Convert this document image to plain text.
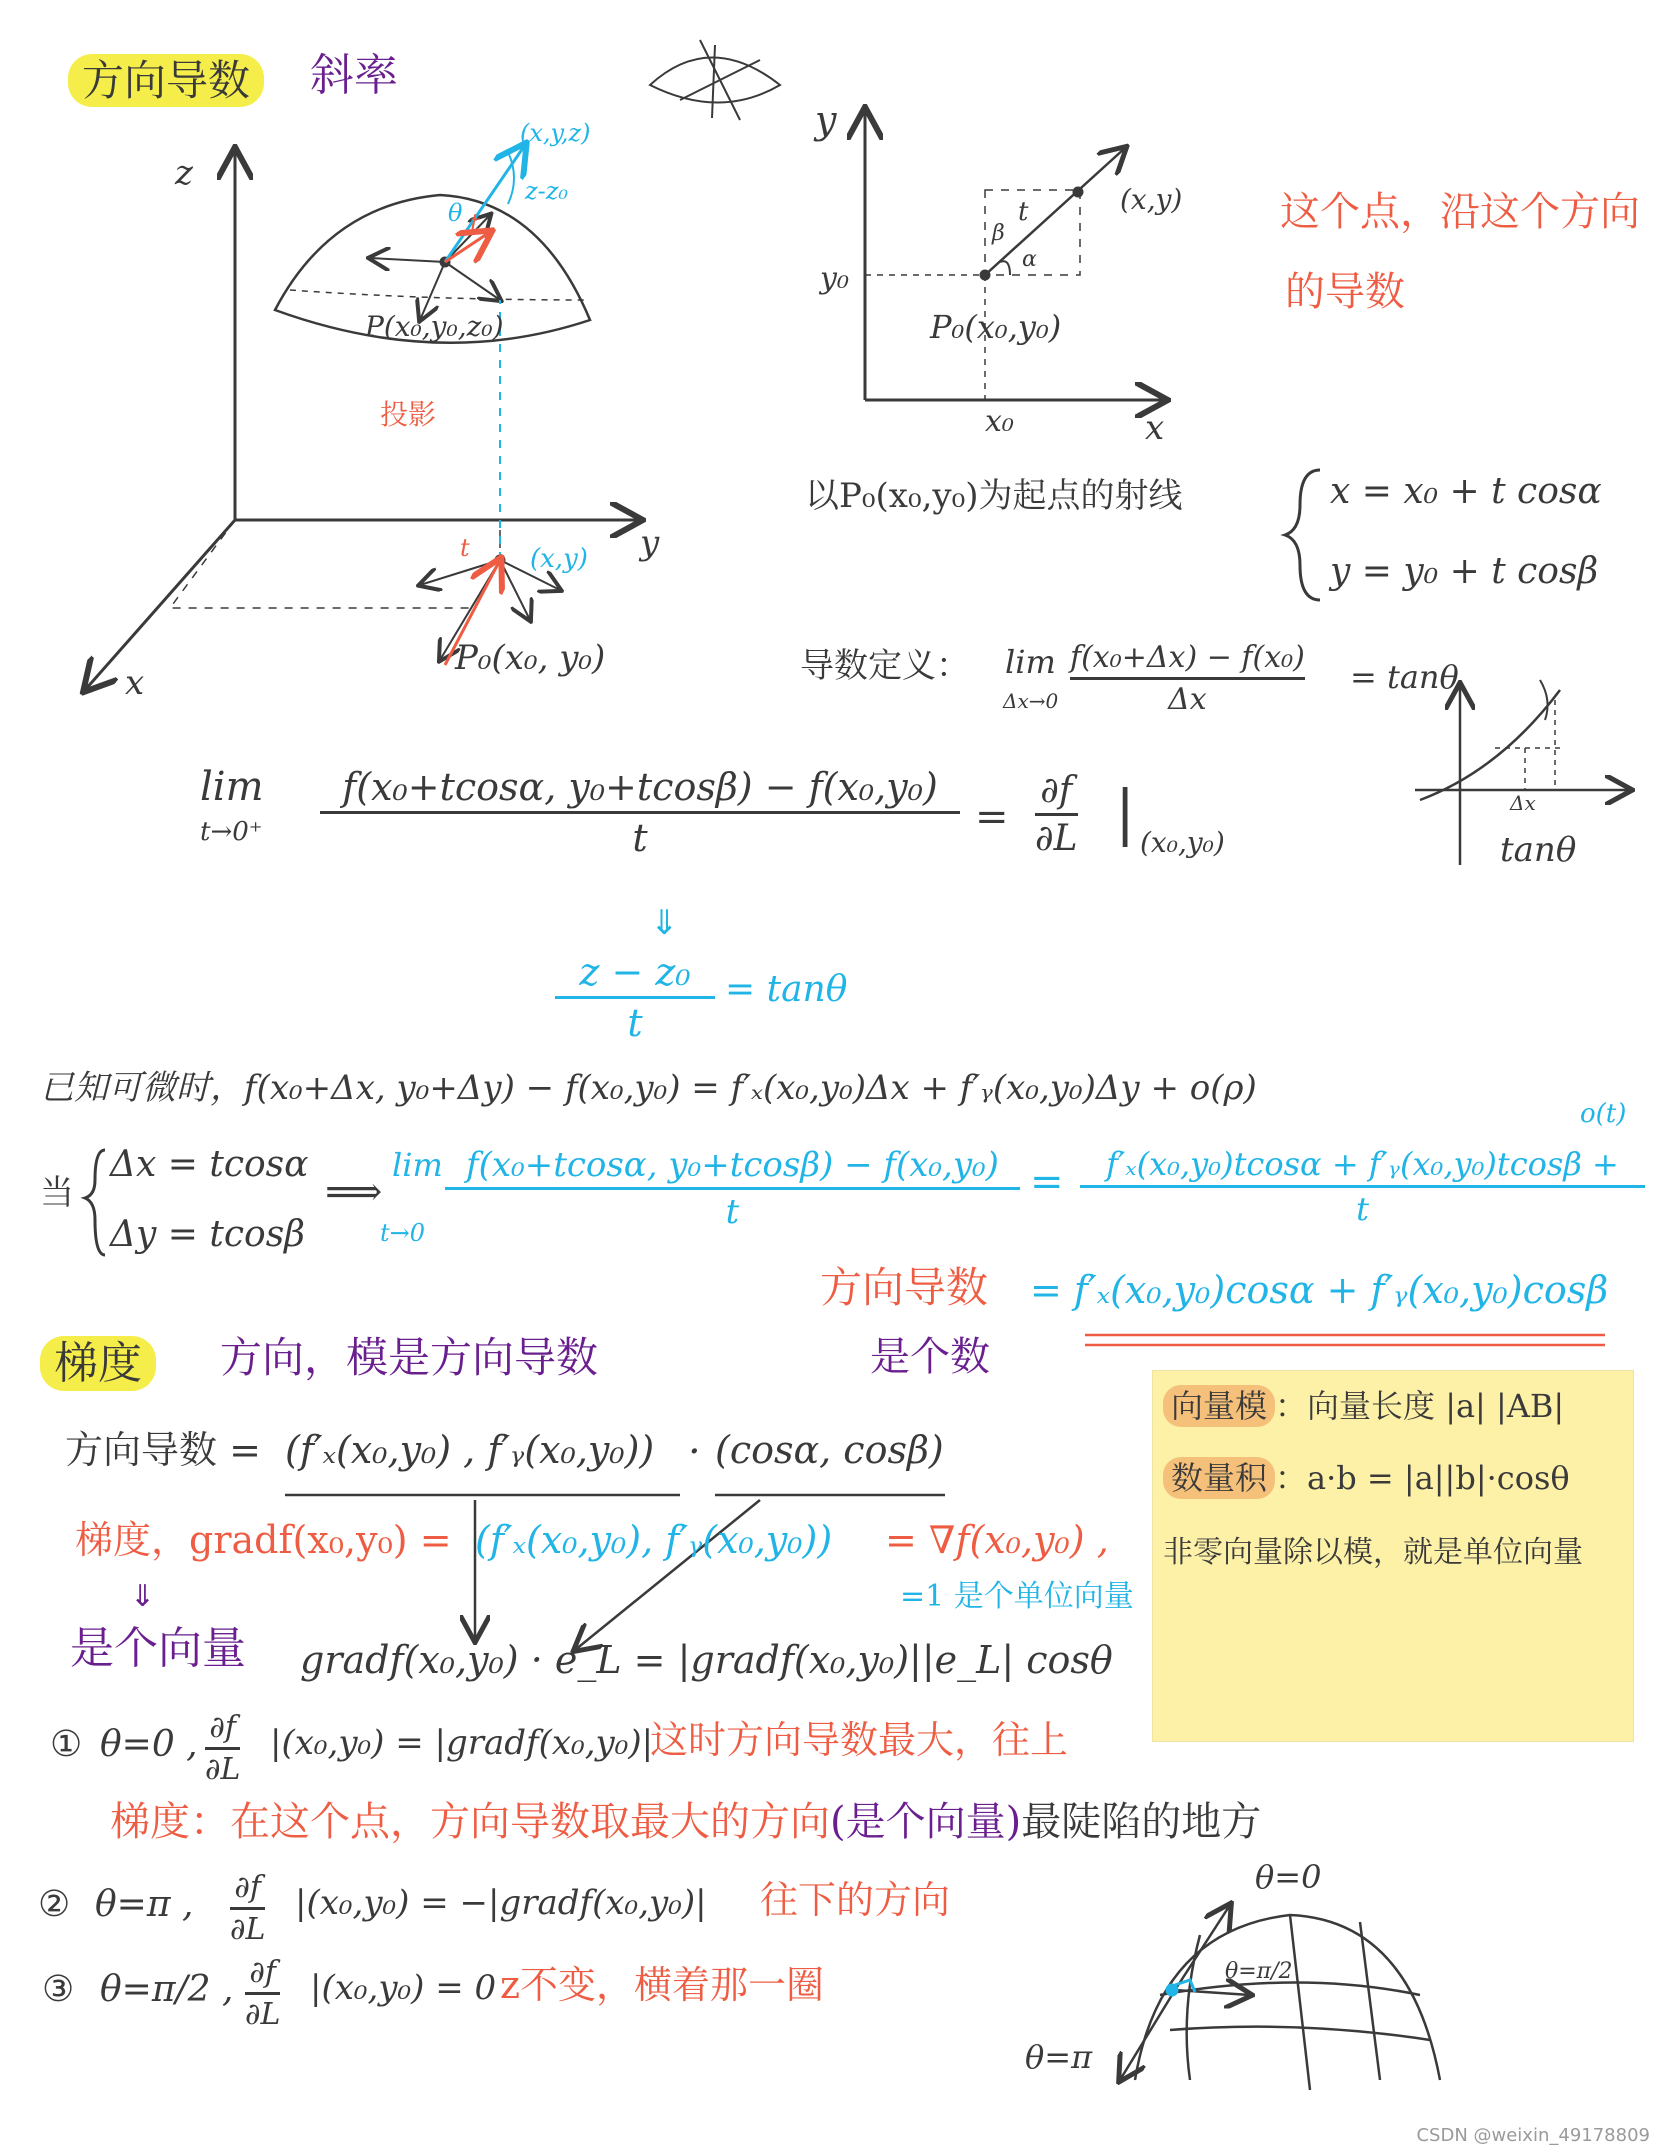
方向导数	斜率
z
y
x
(x,y,z)
z-z₀
θ t
P(x₀,y₀,z₀)
投影
t (x,y)
P₀(x₀, y₀)
y
x
y₀
x₀
(x,y)
β
α
t
P₀(x₀,y₀)
这个点，沿这个方向
的导数
以P₀(x₀,y₀)为起点的射线	x = x₀ + t cosα
y = y₀ + t cosβ
导数定义： lim
Δx→0
f(x₀+Δx) − f(x₀)
Δx
= tanθ
Δx
tanθ
lim
t→0⁺
f(x₀+tcosα, y₀+tcosβ) − f(x₀,y₀)
t	=
∂f
∂L | (x₀,y₀)
⇓
z − z₀
t
= tanθ
已知可微时，f(x₀+Δx, y₀+Δy) − f(x₀,y₀) = f′ₓ(x₀,y₀)Δx + f′ᵧ(x₀,y₀)Δy + o(ρ)
当
Δx = tcosα
Δy = tcosβ
⟹
lim
t→0
f(x₀+tcosα, y₀+tcosβ) − f(x₀,y₀)
t
=	f′ₓ(x₀,y₀)tcosα + f′ᵧ(x₀,y₀)tcosβ +
t
o(t)
方向导数 = f′ₓ(x₀,y₀)cosα + f′ᵧ(x₀,y₀)cosβ
梯度	方向，模是方向导数	是个数
向量模 ：向量长度 |a| |AB|
数量积 ：a·b = |a||b|·cosθ
非零向量除以模，就是单位向量
方向导数 = (f′ₓ(x₀,y₀) , f′ᵧ(x₀,y₀)) · (cosα, cosβ)
梯度，gradf(x₀,y₀) = (f′ₓ(x₀,y₀), f′ᵧ(x₀,y₀)) = ∇f(x₀,y₀) ,
=1 是个单位向量
⇓
是个向量 gradf(x₀,y₀) · e_L = |gradf(x₀,y₀)||e_L| cosθ
① θ=0 , ∂f
∂L
|(x₀,y₀) = |gradf(x₀,y₀)|
这时方向导数最大，往上
梯度：在这个点，方向导数取最大的方向(是个向量)最陡陷的地方
② θ=π , ∂f
∂L
|(x₀,y₀) = −|gradf(x₀,y₀)| 往下的方向
③ θ=π/2 , ∂f
∂L
|(x₀,y₀) = 0 z不变，横着那一圈
θ=0
θ=π/2
θ=π
CSDN @weixin_49178809
